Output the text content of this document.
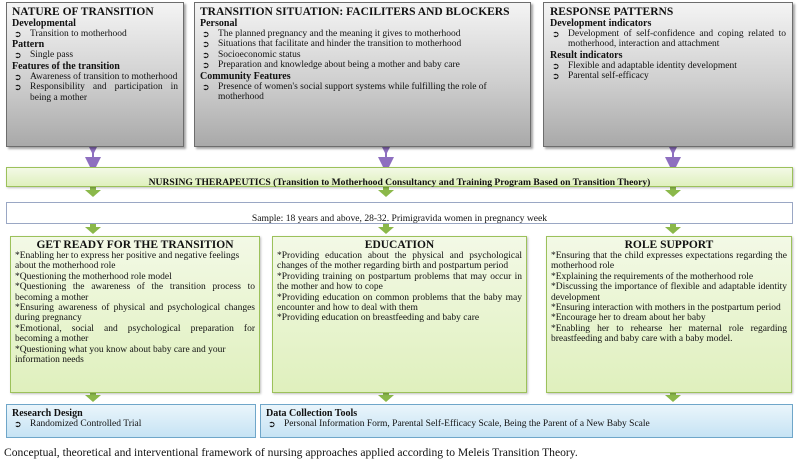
NATURE OF TRANSITION
Developmental
➲ Transition to motherhood
Pattern
➲ Single pass
Features of the transition
➲ Awareness of transition to motherhood
➲ Responsibility and participation in being a mother
TRANSITION SITUATION: FACILITERS AND BLOCKERS
Personal
➲ The planned pregnancy and the meaning it gives to motherhood
➲ Situations that facilitate and hinder the transition to motherhood
➲ Socioeconomic status
➲ Preparation and knowledge about being a mother and baby care
Community Features
➲ Presence of women's social support systems while fulfilling the role of motherhood
RESPONSE PATTERNS
Development indicators
➲ Development of self-confidence and coping related to motherhood, interaction and attachment
Result indicators
➲ Flexible and adaptable identity development
➲ Parental self-efficacy
NURSING THERAPEUTICS (Transition to Motherhood Consultancy and Training Program Based on Transition Theory)
Sample: 18 years and above, 28-32. Primigravida women in pregnancy week
GET READY FOR THE TRANSITION
*Enabling her to express her positive and negative feelings about the motherhood role
*Questioning the motherhood role model
*Questioning the awareness of the transition process to becoming a mother
*Ensuring awareness of physical and psychological changes during pregnancy
*Emotional, social and psychological preparation for becoming a mother
*Questioning what you know about baby care and your information needs
EDUCATION
*Providing education about the physical and psychological changes of the mother regarding birth and postpartum period
*Providing training on postpartum problems that may occur in the mother and how to cope
*Providing education on common problems that the baby may encounter and how to deal with them
*Providing education on breastfeeding and baby care
ROLE SUPPORT
*Ensuring that the child expresses expectations regarding the motherhood role
*Explaining the requirements of the motherhood role
*Discussing the importance of flexible and adaptable identity development
*Ensuring interaction with mothers in the postpartum period
*Encourage her to dream about her baby
*Enabling her to rehearse her maternal role regarding breastfeeding and baby care with a baby model.
Research Design
➲ Randomized Controlled Trial
Data Collection Tools
➲ Personal Information Form, Parental Self-Efficacy Scale, Being the Parent of a New Baby Scale
Conceptual, theoretical and interventional framework of nursing approaches applied according to Meleis Transition Theory.
